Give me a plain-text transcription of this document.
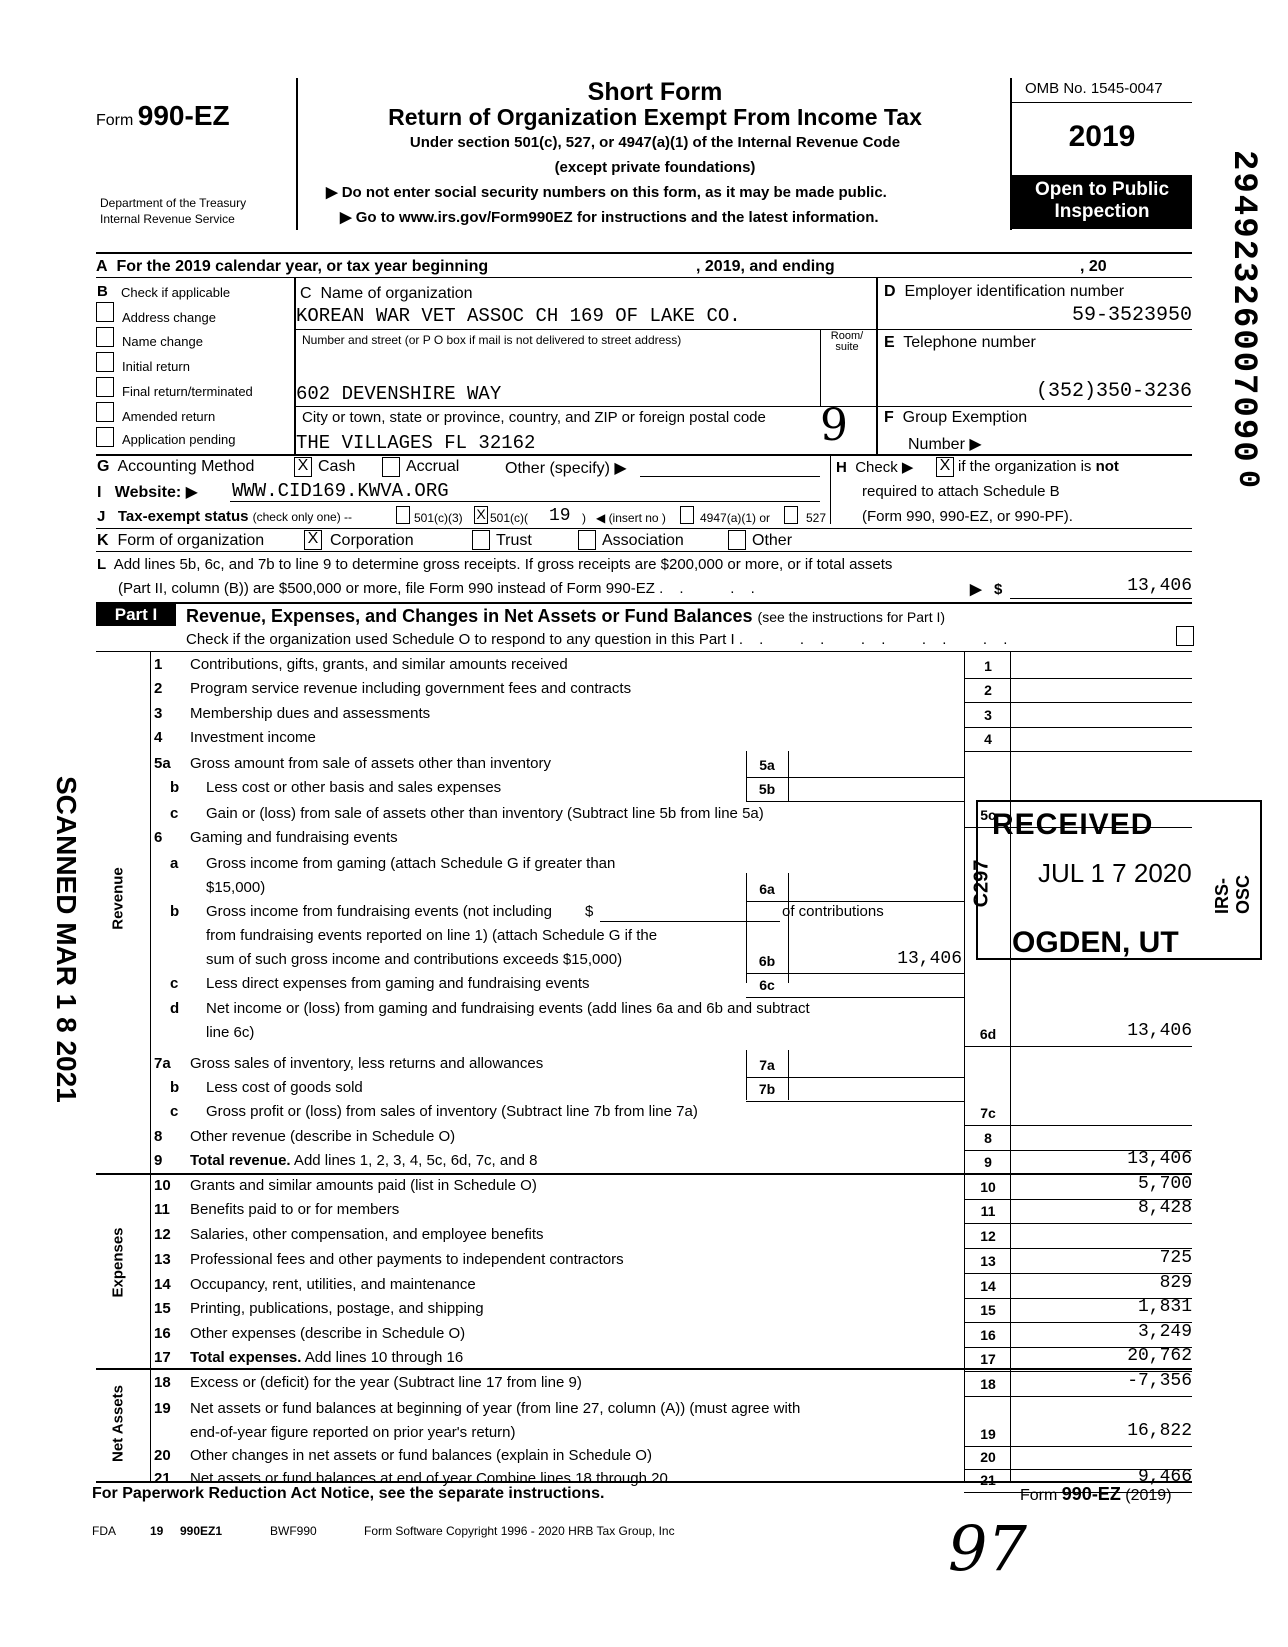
Form 990-EZ
Department of the Treasury
Internal Revenue Service
Short Form
Return of Organization Exempt From Income Tax
Under section 501(c), 527, or 4947(a)(1) of the Internal Revenue Code
(except private foundations)
▶ Do not enter social security numbers on this form, as it may be made public.
▶ Go to www.irs.gov/Form990EZ for instructions and the latest information.
OMB No. 1545-0047
2019
Open to Public
Inspection	29492326007090
0
A  For the 2019 calendar year, or tax year beginning	, 2019, and ending	, 20
B Check if applicable
Address change
Name change
Initial return
Final return/terminated
Amended return
Application pending
C  Name of organization
KOREAN WAR VET ASSOC CH 169 OF LAKE CO.
Number and street (or P O box if mail is not delivered to street address)	Room/ suite
602 DEVENSHIRE WAY
City or town, state or province, country, and ZIP or foreign postal code
THE VILLAGES FL 32162	9
D Employer identification number
59-3523950
E Telephone number
(352)350-3236
F Group Exemption
Number ▶
G Accounting Method	X Cash	Accrual	Other (specify) ▶	H Check ▶ X if the organization is not
required to attach Schedule B
(Form 990, 990-EZ, or 990-PF).
I Website: ▶ WWW.CID169.KWVA.ORG
J Tax-exempt status (check only one) --	501(c)(3) X 501(c)( 19 ) ◀ (insert no )	4947(a)(1) or	527
K Form of organization	X Corporation	Trust	Association	Other
L Add lines 5b, 6c, and 7b to line 9 to determine gross receipts. If gross receipts are $200,000 or more, or if total assets
(Part II, column (B)) are $500,000 or more, file Form 990 instead of Form 990-EZ . .    . .	▶   $	13,406
Part I	Revenue, Expenses, and Changes in Net Assets or Fund Balances (see the instructions for Part I)
Check if the organization used Schedule O to respond to any question in this Part I . .   . .   . .   . .   . .
Revenue
Expenses
Net Assets
1	Contributions, gifts, grants, and similar amounts received	1
2	Program service revenue including government fees and contracts	2
3	Membership dues and assessments	3
4	Investment income	4
5a	Gross amount from sale of assets other than inventory	5a
b	Less cost or other basis and sales expenses	5b
c	Gain or (loss) from sale of assets other than inventory (Subtract line 5b from line 5a)	5c
6	Gaming and fundraising events
a	Gross income from gaming (attach Schedule G if greater than
$15,000)	6a
b	Gross income from fundraising events (not including $	of contributions
from fundraising events reported on line 1) (attach Schedule G if the
sum of such gross income and contributions exceeds $15,000)	6b	13,406
c	Less direct expenses from gaming and fundraising events	6c
d	Net income or (loss) from gaming and fundraising events (add lines 6a and 6b and subtract
line 6c)	6d	13,406
7a	Gross sales of inventory, less returns and allowances	7a
b	Less cost of goods sold	7b
c	Gross profit or (loss) from sales of inventory (Subtract line 7b from line 7a)	7c
8	Other revenue (describe in Schedule O)	8
9	Total revenue. Add lines 1, 2, 3, 4, 5c, 6d, 7c, and 8	9	13,406
10	Grants and similar amounts paid (list in Schedule O)	10	5,700
11	Benefits paid to or for members	11	8,428
12	Salaries, other compensation, and employee benefits	12
13	Professional fees and other payments to independent contractors	13	725
14	Occupancy, rent, utilities, and maintenance	14	829
15	Printing, publications, postage, and shipping	15	1,831
16	Other expenses (describe in Schedule O)	16	3,249
17	Total expenses. Add lines 10 through 16	17	20,762
18	Excess or (deficit) for the year (Subtract line 17 from line 9)	18	-7,356
19	Net assets or fund balances at beginning of year (from line 27, column (A)) (must agree with
end-of-year figure reported on prior year's return)	19	16,822
20	Other changes in net assets or fund balances (explain in Schedule O)	20
21	Net assets or fund balances at end of year Combine lines 18 through 20	21	9,466
RECEIVED
JUL 1 7 2020
OGDEN, UT
C297	IRS-OSC
SCANNED MAR 1 8 2021
For Paperwork Reduction Act Notice, see the separate instructions.	Form 990-EZ (2019)
FDA	19 990EZ1	BWF990	Form Software Copyright 1996 - 2020 HRB Tax Group, Inc	97
